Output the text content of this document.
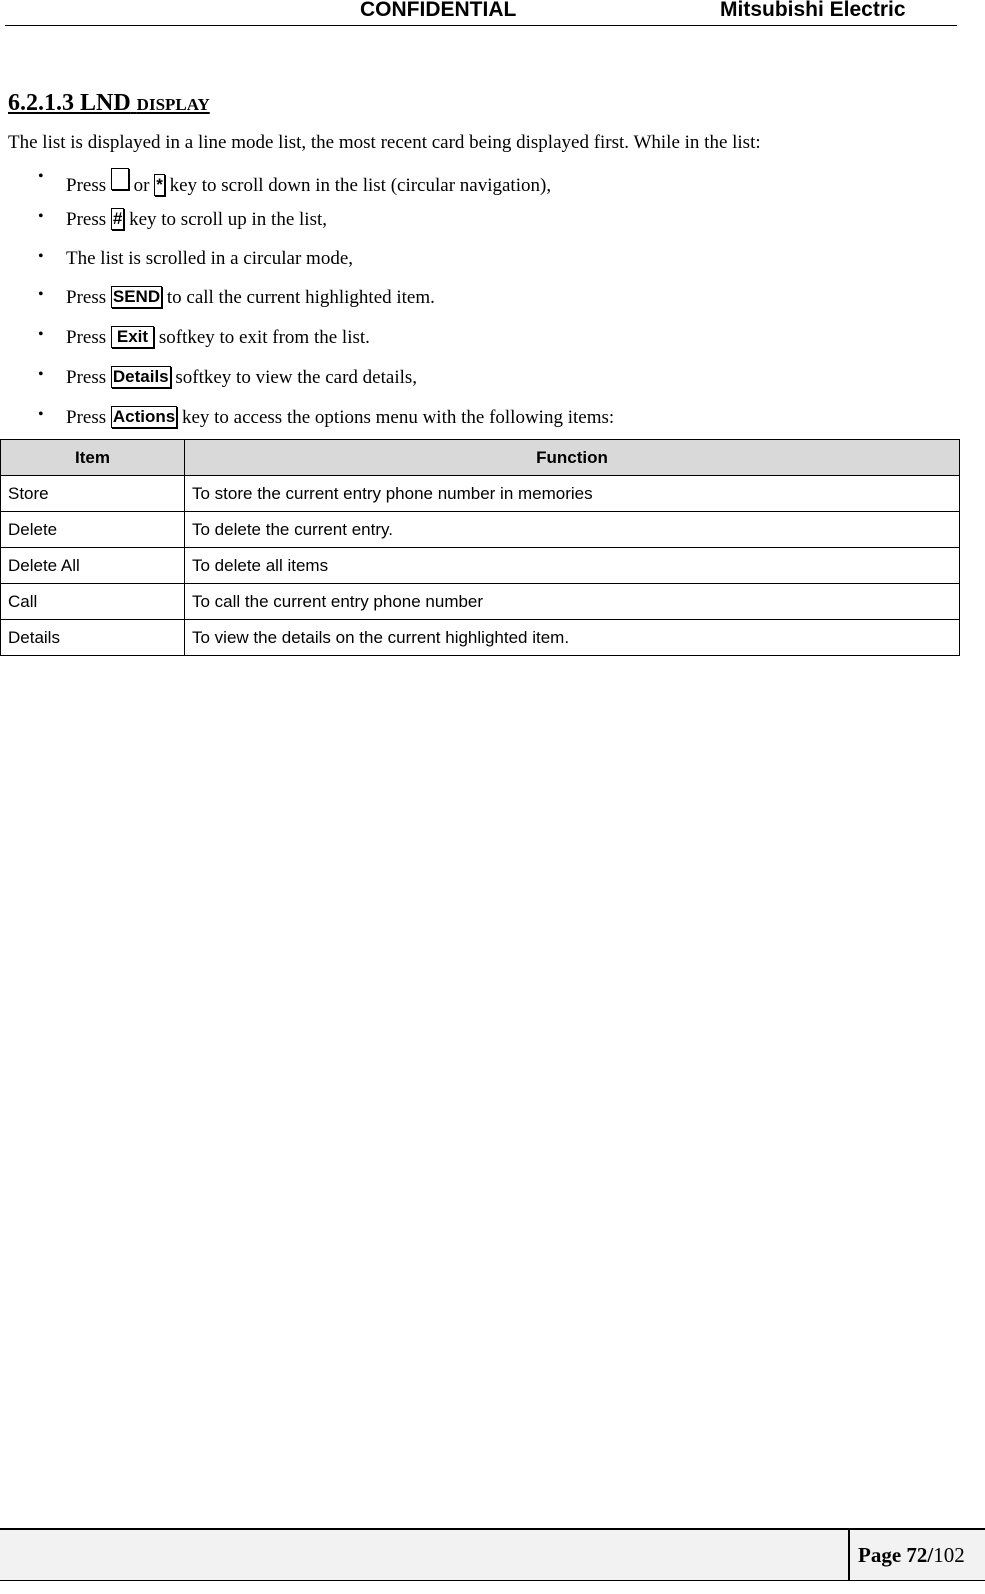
CONFIDENTIAL	Mitsubishi Electric
6.2.1.3 LND DISPLAY
The list is displayed in a line mode list, the most recent card being displayed first. While in the list:
• Press or * key to scroll down in the list (circular navigation),
• Press # key to scroll up in the list,
• The list is scrolled in a circular mode,
• Press SEND to call the current highlighted item.
• Press Exit softkey to exit from the list.
• Press Details softkey to view the card details,
• Press Actions key to access the options menu with the following items:
Item	Function
Store	To store the current entry phone number in memories
Delete	To delete the current entry.
Delete All	To delete all items
Call	To call the current entry phone number
Details	To view the details on the current highlighted item.
Page 72/102
